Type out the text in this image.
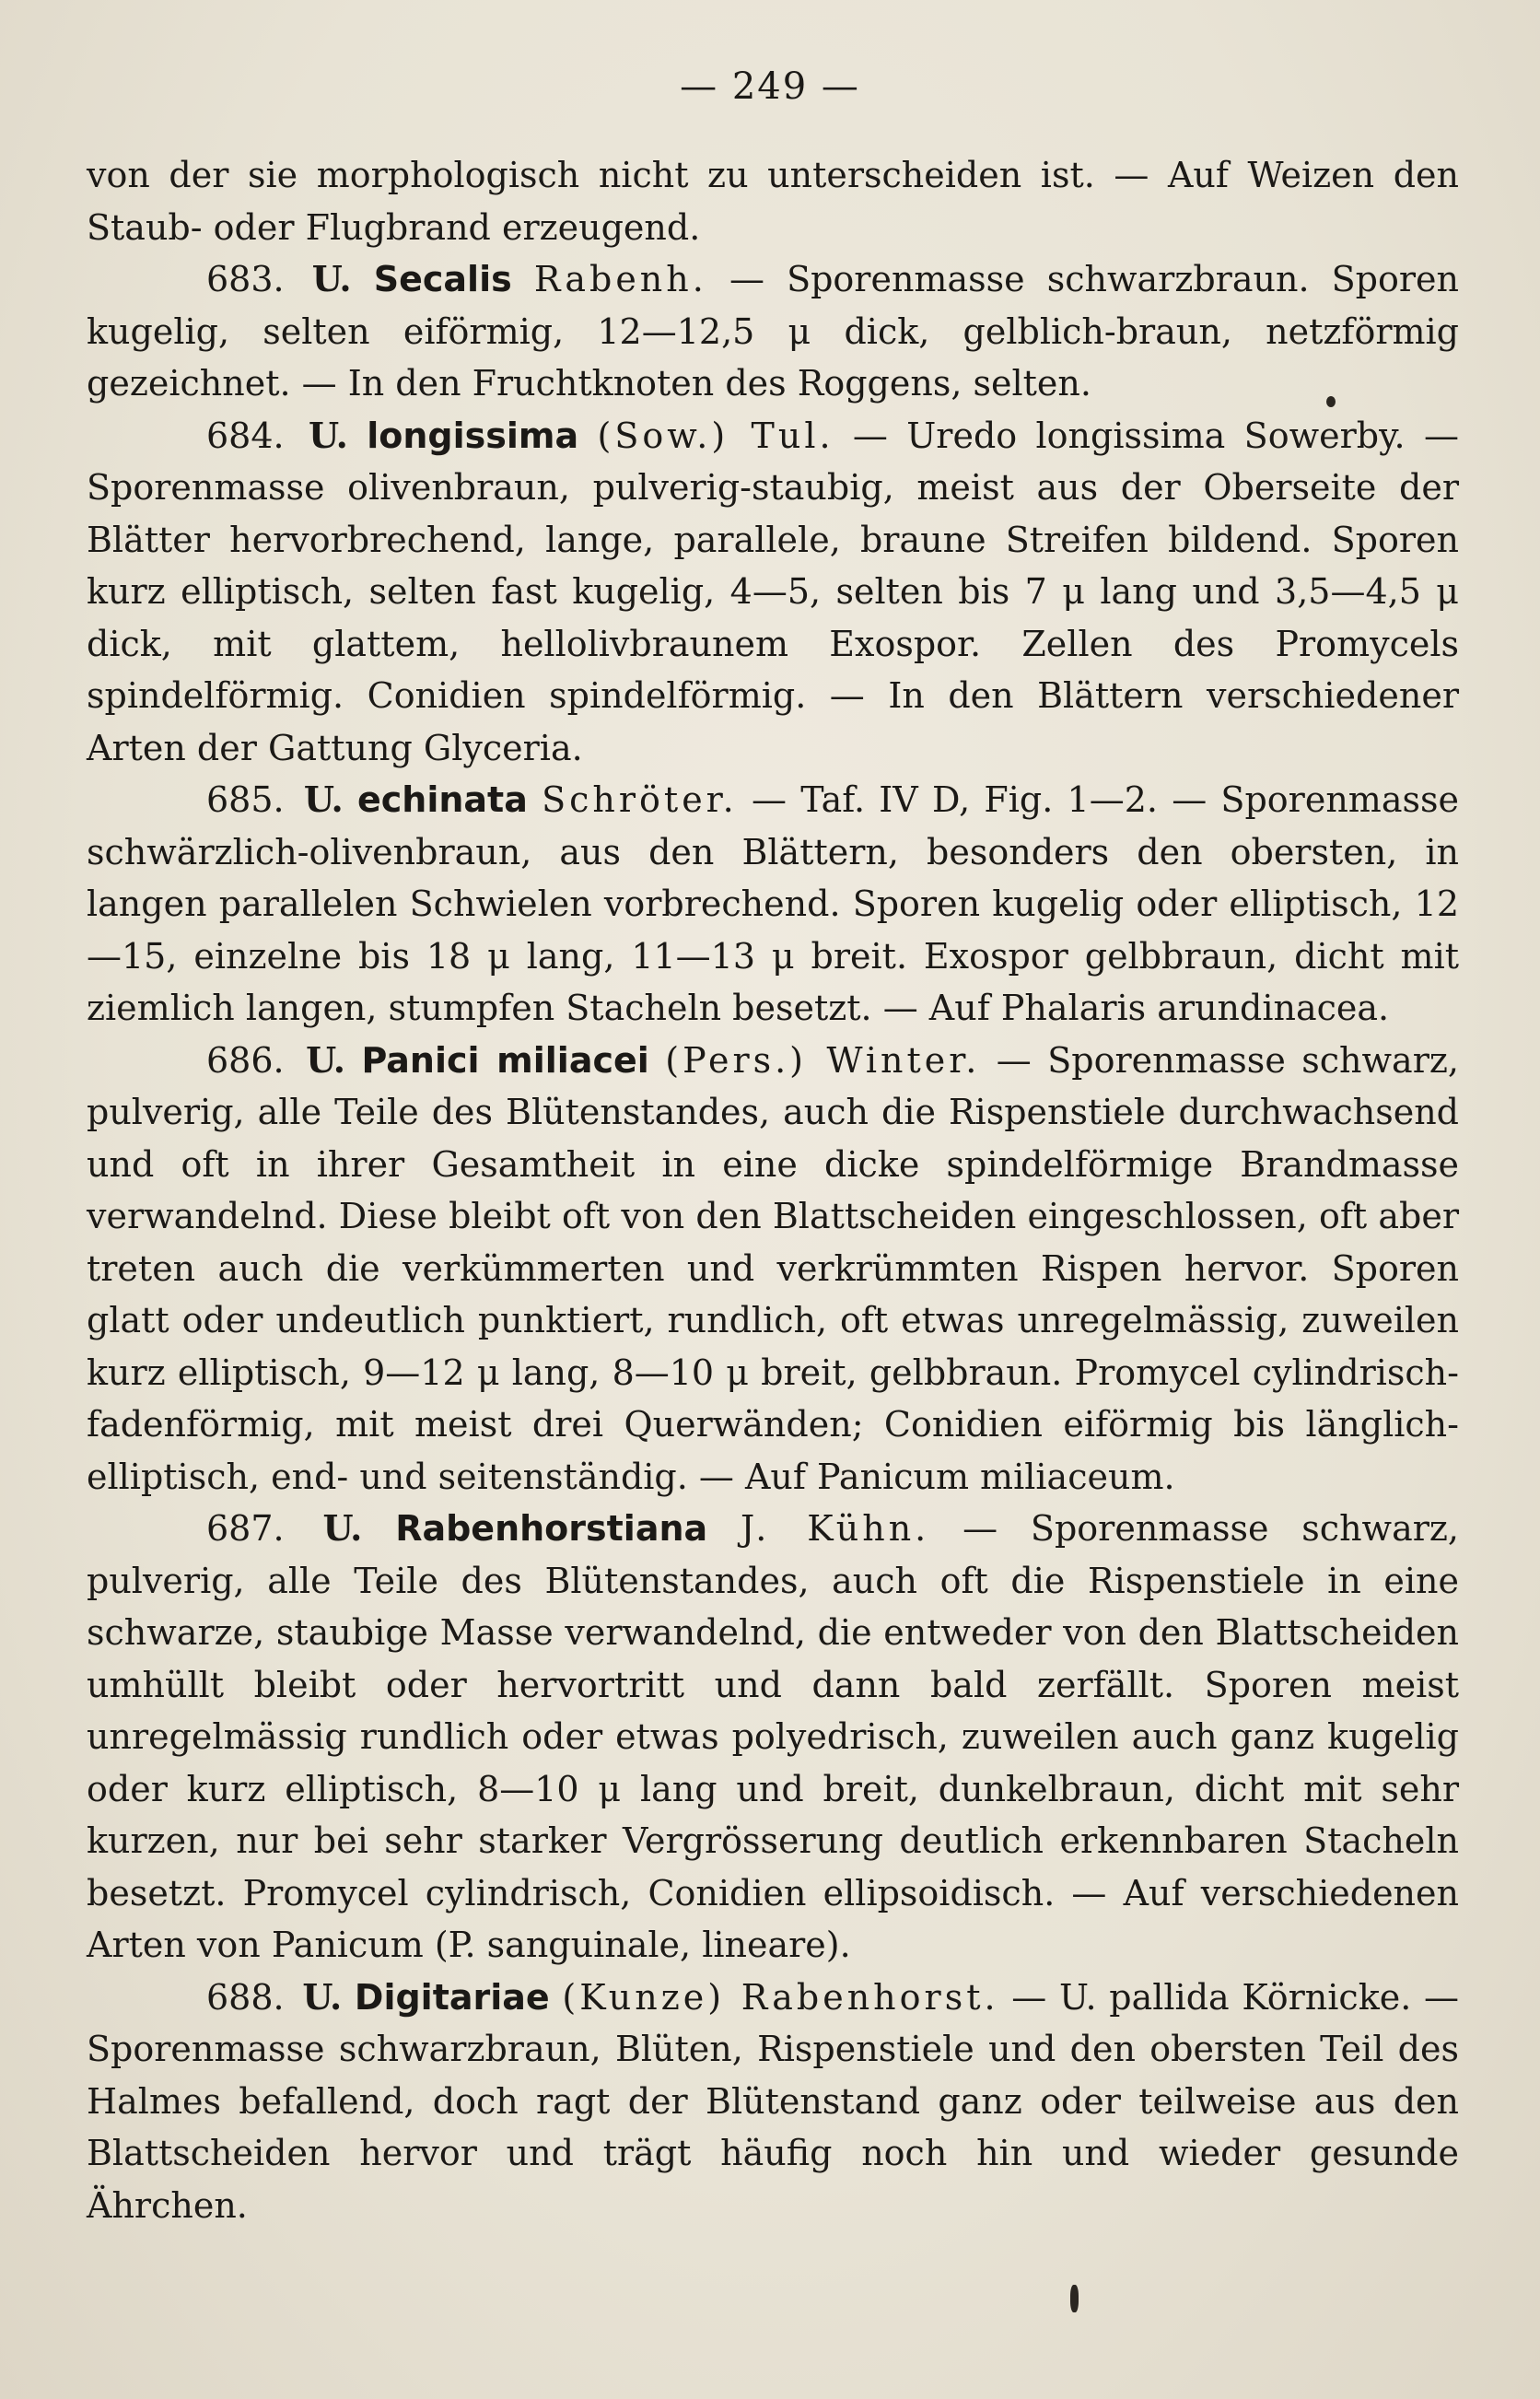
— 249 —

von der sie morphologisch nicht zu unterscheiden ist. — Auf Weizen den Staub- oder Flugbrand erzeugend.

683. U. Secalis Rabenh. — Sporenmasse schwarzbraun. Sporen kugelig, selten eiförmig, 12—12,5 μ dick, gelblich-braun, netzförmig gezeichnet. — In den Fruchtknoten des Roggens, selten.

684. U. longissima (Sow.) Tul. — Uredo longissima Sowerby. — Sporenmasse olivenbraun, pulverig-staubig, meist aus der Oberseite der Blätter hervorbrechend, lange, parallele, braune Streifen bildend. Sporen kurz elliptisch, selten fast kugelig, 4—5, selten bis 7 μ lang und 3,5—4,5 μ dick, mit glattem, hellolivbraunem Exospor. Zellen des Promycels spindelförmig. Conidien spindelförmig. — In den Blättern verschiedener Arten der Gattung Glyceria.

685. U. echinata Schröter. — Taf. IV D, Fig. 1—2. — Sporenmasse schwärzlich-olivenbraun, aus den Blättern, besonders den obersten, in langen parallelen Schwielen vorbrechend. Sporen kugelig oder elliptisch, 12—15, einzelne bis 18 μ lang, 11—13 μ breit. Exospor gelbbraun, dicht mit ziemlich langen, stumpfen Stacheln besetzt. — Auf Phalaris arundinacea.

686. U. Panici miliacei (Pers.) Winter. — Sporenmasse schwarz, pulverig, alle Teile des Blütenstandes, auch die Rispenstiele durchwachsend und oft in ihrer Gesamtheit in eine dicke spindelförmige Brandmasse verwandelnd. Diese bleibt oft von den Blattscheiden eingeschlossen, oft aber treten auch die verkümmerten und verkrümmten Rispen hervor. Sporen glatt oder undeutlich punktiert, rundlich, oft etwas unregelmässig, zuweilen kurz elliptisch, 9—12 μ lang, 8—10 μ breit, gelbbraun. Promycel cylindrisch-fadenförmig, mit meist drei Querwänden; Conidien eiförmig bis länglich-elliptisch, end- und seitenständig. — Auf Panicum miliaceum.

687. U. Rabenhorstiana J. Kühn. — Sporenmasse schwarz, pulverig, alle Teile des Blütenstandes, auch oft die Rispenstiele in eine schwarze, staubige Masse verwandelnd, die entweder von den Blattscheiden umhüllt bleibt oder hervortritt und dann bald zerfällt. Sporen meist unregelmässig rundlich oder etwas polyedrisch, zuweilen auch ganz kugelig oder kurz elliptisch, 8—10 μ lang und breit, dunkelbraun, dicht mit sehr kurzen, nur bei sehr starker Vergrösserung deutlich erkennbaren Stacheln besetzt. Promycel cylindrisch, Conidien ellipsoidisch. — Auf verschiedenen Arten von Panicum (P. sanguinale, lineare).

688. U. Digitariae (Kunze) Rabenhorst. — U. pallida Körnicke. — Sporenmasse schwarzbraun, Blüten, Rispenstiele und den obersten Teil des Halmes befallend, doch ragt der Blütenstand ganz oder teilweise aus den Blattscheiden hervor und trägt häufig noch hin und wieder gesunde Ährchen.
